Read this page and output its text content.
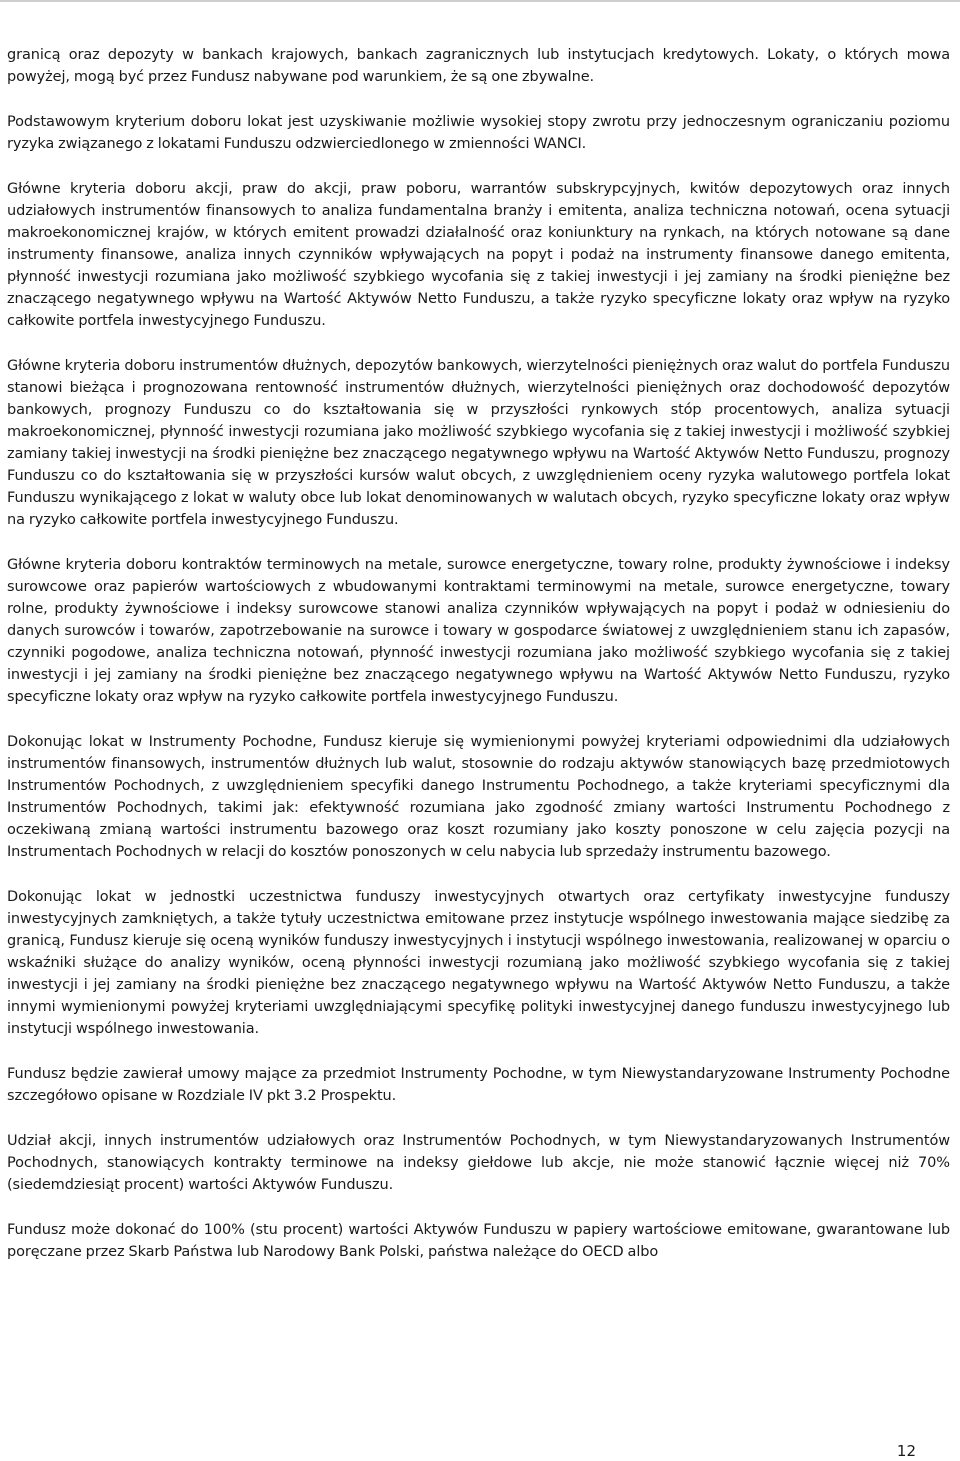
granicą oraz depozyty w bankach krajowych, bankach zagranicznych lub instytucjach kredytowych. Lokaty, o których mowa powyżej, mogą być przez Fundusz nabywane pod warunkiem, że są one zbywalne.

Podstawowym kryterium doboru lokat jest uzyskiwanie możliwie wysokiej stopy zwrotu przy jednoczesnym ograniczaniu poziomu ryzyka związanego z lokatami Funduszu odzwierciedlonego w zmienności WANCI.

Główne kryteria doboru akcji, praw do akcji, praw poboru, warrantów subskrypcyjnych, kwitów depozytowych oraz innych udziałowych instrumentów finansowych to analiza fundamentalna branży i emitenta, analiza techniczna notowań, ocena sytuacji makroekonomicznej krajów, w których emitent prowadzi działalność oraz koniunktury na rynkach, na których notowane są dane instrumenty finansowe, analiza innych czynników wpływających na popyt i podaż na instrumenty finansowe danego emitenta, płynność inwestycji rozumiana jako możliwość szybkiego wycofania się z takiej inwestycji i jej zamiany na środki pieniężne bez znaczącego negatywnego wpływu na Wartość Aktywów Netto Funduszu, a także ryzyko specyficzne lokaty oraz wpływ na ryzyko całkowite portfela inwestycyjnego Funduszu.

Główne kryteria doboru instrumentów dłużnych, depozytów bankowych, wierzytelności pieniężnych oraz walut do portfela Funduszu stanowi bieżąca i prognozowana rentowność instrumentów dłużnych, wierzytelności pieniężnych oraz dochodowość depozytów bankowych, prognozy Funduszu co do kształtowania się w przyszłości rynkowych stóp procentowych, analiza sytuacji makroekonomicznej, płynność inwestycji rozumiana jako możliwość szybkiego wycofania się z takiej inwestycji i możliwość szybkiej zamiany takiej inwestycji na środki pieniężne bez znaczącego negatywnego wpływu na Wartość Aktywów Netto Funduszu, prognozy Funduszu co do kształtowania się w przyszłości kursów walut obcych, z uwzględnieniem oceny ryzyka walutowego portfela lokat Funduszu wynikającego z lokat w waluty obce lub lokat denominowanych w walutach obcych, ryzyko specyficzne lokaty oraz wpływ na ryzyko całkowite portfela inwestycyjnego Funduszu.

Główne kryteria doboru kontraktów terminowych na metale, surowce energetyczne, towary rolne, produkty żywnościowe i indeksy surowcowe oraz papierów wartościowych z wbudowanymi kontraktami terminowymi na metale, surowce energetyczne, towary rolne, produkty żywnościowe i indeksy surowcowe stanowi analiza czynników wpływających na popyt i podaż w odniesieniu do danych surowców i towarów, zapotrzebowanie na surowce i towary w gospodarce światowej z uwzględnieniem stanu ich zapasów, czynniki pogodowe, analiza techniczna notowań, płynność inwestycji rozumiana jako możliwość szybkiego wycofania się z takiej inwestycji i jej zamiany na środki pieniężne bez znaczącego negatywnego wpływu na Wartość Aktywów Netto Funduszu, ryzyko specyficzne lokaty oraz wpływ na ryzyko całkowite portfela inwestycyjnego Funduszu.

Dokonując lokat w Instrumenty Pochodne, Fundusz kieruje się wymienionymi powyżej kryteriami odpowiednimi dla udziałowych instrumentów finansowych, instrumentów dłużnych lub walut, stosownie do rodzaju aktywów stanowiących bazę przedmiotowych Instrumentów Pochodnych, z uwzględnieniem specyfiki danego Instrumentu Pochodnego, a także kryteriami specyficznymi dla Instrumentów Pochodnych, takimi jak: efektywność rozumiana jako zgodność zmiany wartości Instrumentu Pochodnego z oczekiwaną zmianą wartości instrumentu bazowego oraz koszt rozumiany jako koszty ponoszone w celu zajęcia pozycji na Instrumentach Pochodnych w relacji do kosztów ponoszonych w celu nabycia lub sprzedaży instrumentu bazowego.

Dokonując lokat w jednostki uczestnictwa funduszy inwestycyjnych otwartych oraz certyfikaty inwestycyjne funduszy inwestycyjnych zamkniętych, a także tytuły uczestnictwa emitowane przez instytucje wspólnego inwestowania mające siedzibę za granicą, Fundusz kieruje się oceną wyników funduszy inwestycyjnych i instytucji wspólnego inwestowania, realizowanej w oparciu o wskaźniki służące do analizy wyników, oceną płynności inwestycji rozumianą jako możliwość szybkiego wycofania się z takiej inwestycji i jej zamiany na środki pieniężne bez znaczącego negatywnego wpływu na Wartość Aktywów Netto Funduszu, a także innymi wymienionymi powyżej kryteriami uwzględniającymi specyfikę polityki inwestycyjnej danego funduszu inwestycyjnego lub instytucji wspólnego inwestowania.

Fundusz będzie zawierał umowy mające za przedmiot Instrumenty Pochodne, w tym Niewystandaryzowane Instrumenty Pochodne szczegółowo opisane w Rozdziale IV pkt 3.2 Prospektu.

Udział akcji, innych instrumentów udziałowych oraz Instrumentów Pochodnych, w tym Niewystandaryzowanych Instrumentów Pochodnych, stanowiących kontrakty terminowe na indeksy giełdowe lub akcje, nie może stanowić łącznie więcej niż 70% (siedemdziesiąt procent) wartości Aktywów Funduszu.

Fundusz może dokonać do 100% (stu procent) wartości Aktywów Funduszu w papiery wartościowe emitowane, gwarantowane lub poręczane przez Skarb Państwa lub Narodowy Bank Polski, państwa należące do OECD albo

12
